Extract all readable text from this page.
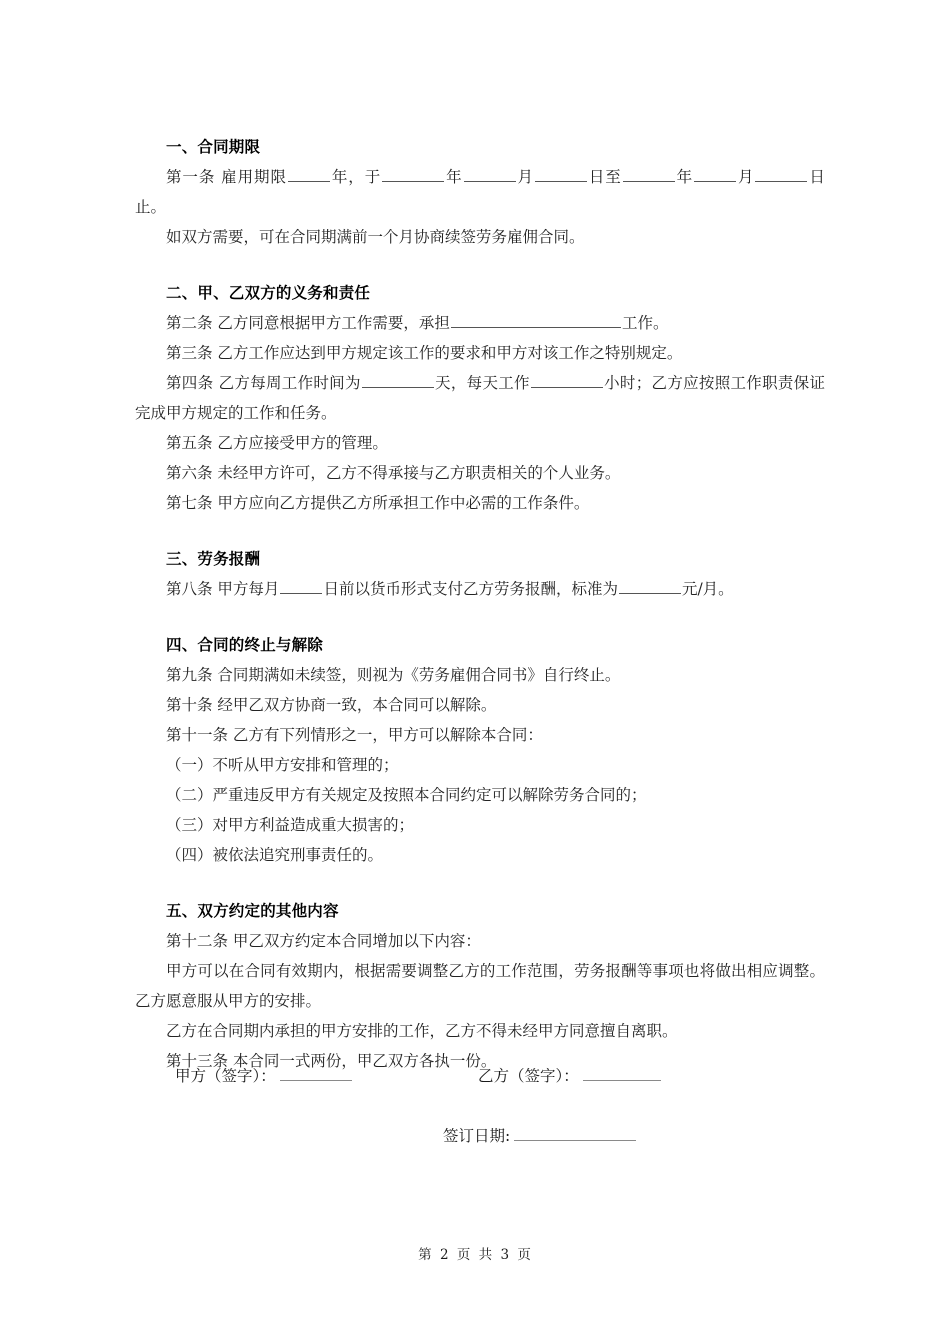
一、合同期限

第一条 雇用期限	年，于	年	月	日至	年	月	日止。

如双方需要，可在合同期满前一个月协商续签劳务雇佣合同。

二、甲、乙双方的义务和责任

第二条 乙方同意根据甲方工作需要，承担	工作。

第三条 乙方工作应达到甲方规定该工作的要求和甲方对该工作之特别规定。

第四条 乙方每周工作时间为	天，每天工作	小时；乙方应按照工作职责保证完成甲方规定的工作和任务。

第五条 乙方应接受甲方的管理。

第六条 未经甲方许可，乙方不得承接与乙方职责相关的个人业务。

第七条 甲方应向乙方提供乙方所承担工作中必需的工作条件。

三、劳务报酬

第八条 甲方每月	日前以货币形式支付乙方劳务报酬，标准为	元/月。

四、合同的终止与解除

第九条 合同期满如未续签，则视为《劳务雇佣合同书》自行终止。

第十条 经甲乙双方协商一致，本合同可以解除。

第十一条 乙方有下列情形之一，甲方可以解除本合同：

（一）不听从甲方安排和管理的；

（二）严重违反甲方有关规定及按照本合同约定可以解除劳务合同的；

（三）对甲方利益造成重大损害的；

（四）被依法追究刑事责任的。

五、双方约定的其他内容

第十二条 甲乙双方约定本合同增加以下内容：

甲方可以在合同有效期内，根据需要调整乙方的工作范围，劳务报酬等事项也将做出相应调整。乙方愿意服从甲方的安排。

乙方在合同期内承担的甲方安排的工作，乙方不得未经甲方同意擅自离职。

第十三条 本合同一式两份，甲乙双方各执一份。

甲方（签字）：	乙方（签字）：
签订日期:
第 2 页 共 3 页
